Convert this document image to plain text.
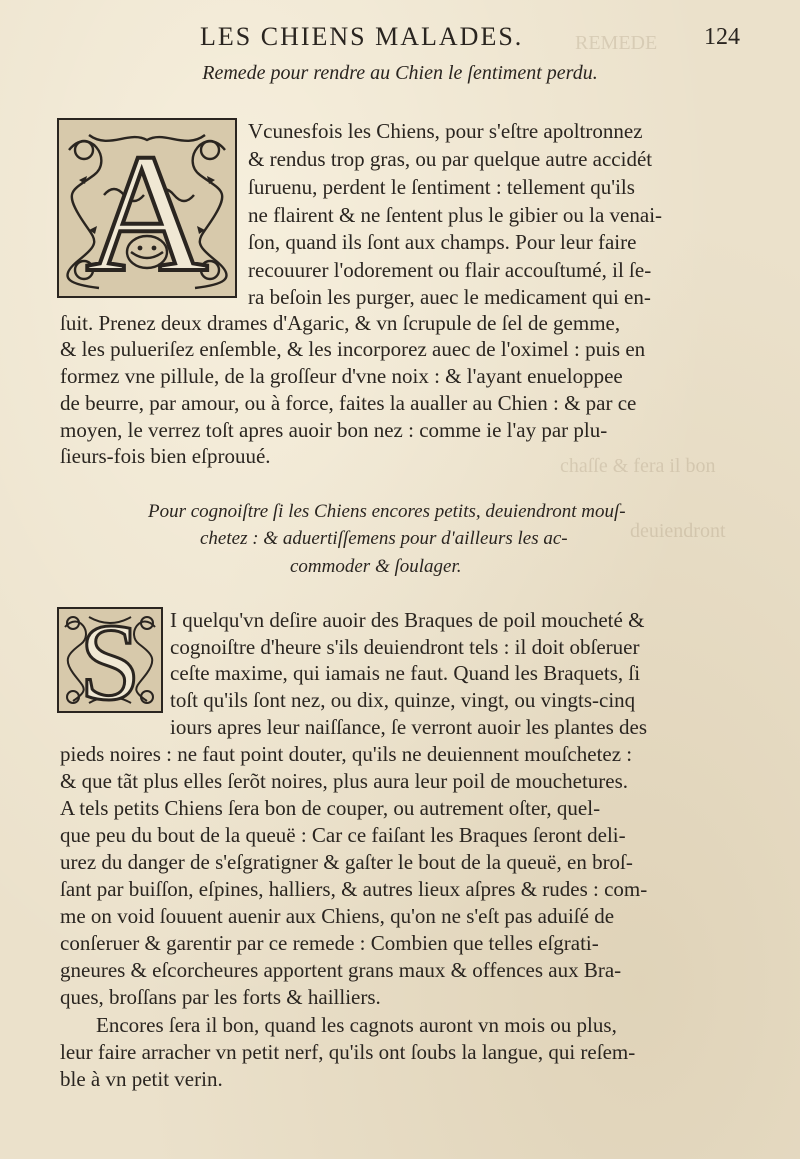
REMEDE
chaſſe & fera il bon
deuiendront
LES CHIENS MALADES.	124
Remede pour rendre au Chien le ſentiment perdu.
A Vcunesfois les Chiens, pour s'eſtre apoltronnez
& rendus trop gras, ou par quelque autre accidét
ſuruenu, perdent le ſentiment : tellement qu'ils
ne flairent & ne ſentent plus le gibier ou la venai-
ſon, quand ils ſont aux champs. Pour leur faire
recouurer l'odorement ou flair accouſtumé, il ſe-
ra beſoin les purger, auec le medicament qui en-
ſuit. Prenez deux drames d'Agaric, & vn ſcrupule de ſel de gemme,
& les pulueriſez enſemble, & les incorporez auec de l'oximel : puis en
formez vne pillule, de la groſſeur d'vne noix : & l'ayant enueloppee
de beurre, par amour, ou à force, faites la aualler au Chien : & par ce
moyen, le verrez toſt apres auoir bon nez : comme ie l'ay par plu-
ſieurs-fois bien eſprouué.
Pour cognoiſtre ſi les Chiens encores petits, deuiendront mouſ-
chetez : & aduertiſſemens pour d'ailleurs les ac-
commoder & ſoulager.
S I quelqu'vn deſire auoir des Braques de poil moucheté &
cognoiſtre d'heure s'ils deuiendront tels : il doit obſeruer
ceſte maxime, qui iamais ne faut. Quand les Braquets, ſi
toſt qu'ils ſont nez, ou dix, quinze, vingt, ou vingts-cinq
iours apres leur naiſſance, ſe verront auoir les plantes des
pieds noires : ne faut point douter, qu'ils ne deuiennent mouſchetez :
& que tãt plus elles ſerõt noires, plus aura leur poil de mouchetures.
A tels petits Chiens ſera bon de couper, ou autrement oſter, quel-
que peu du bout de la queuë : Car ce faiſant les Braques ſeront deli-
urez du danger de s'eſgratigner & gaſter le bout de la queuë, en broſ-
ſant par buiſſon, eſpines, halliers, & autres lieux aſpres & rudes : com-
me on void ſouuent auenir aux Chiens, qu'on ne s'eſt pas aduiſé de
conſeruer & garentir par ce remede : Combien que telles eſgrati-
gneures & eſcorcheures apportent grans maux & offences aux Bra-
ques, broſſans par les forts & hailliers.
Encores ſera il bon, quand les cagnots auront vn mois ou plus,
leur faire arracher vn petit nerf, qu'ils ont ſoubs la langue, qui reſem-
ble à vn petit verin.
